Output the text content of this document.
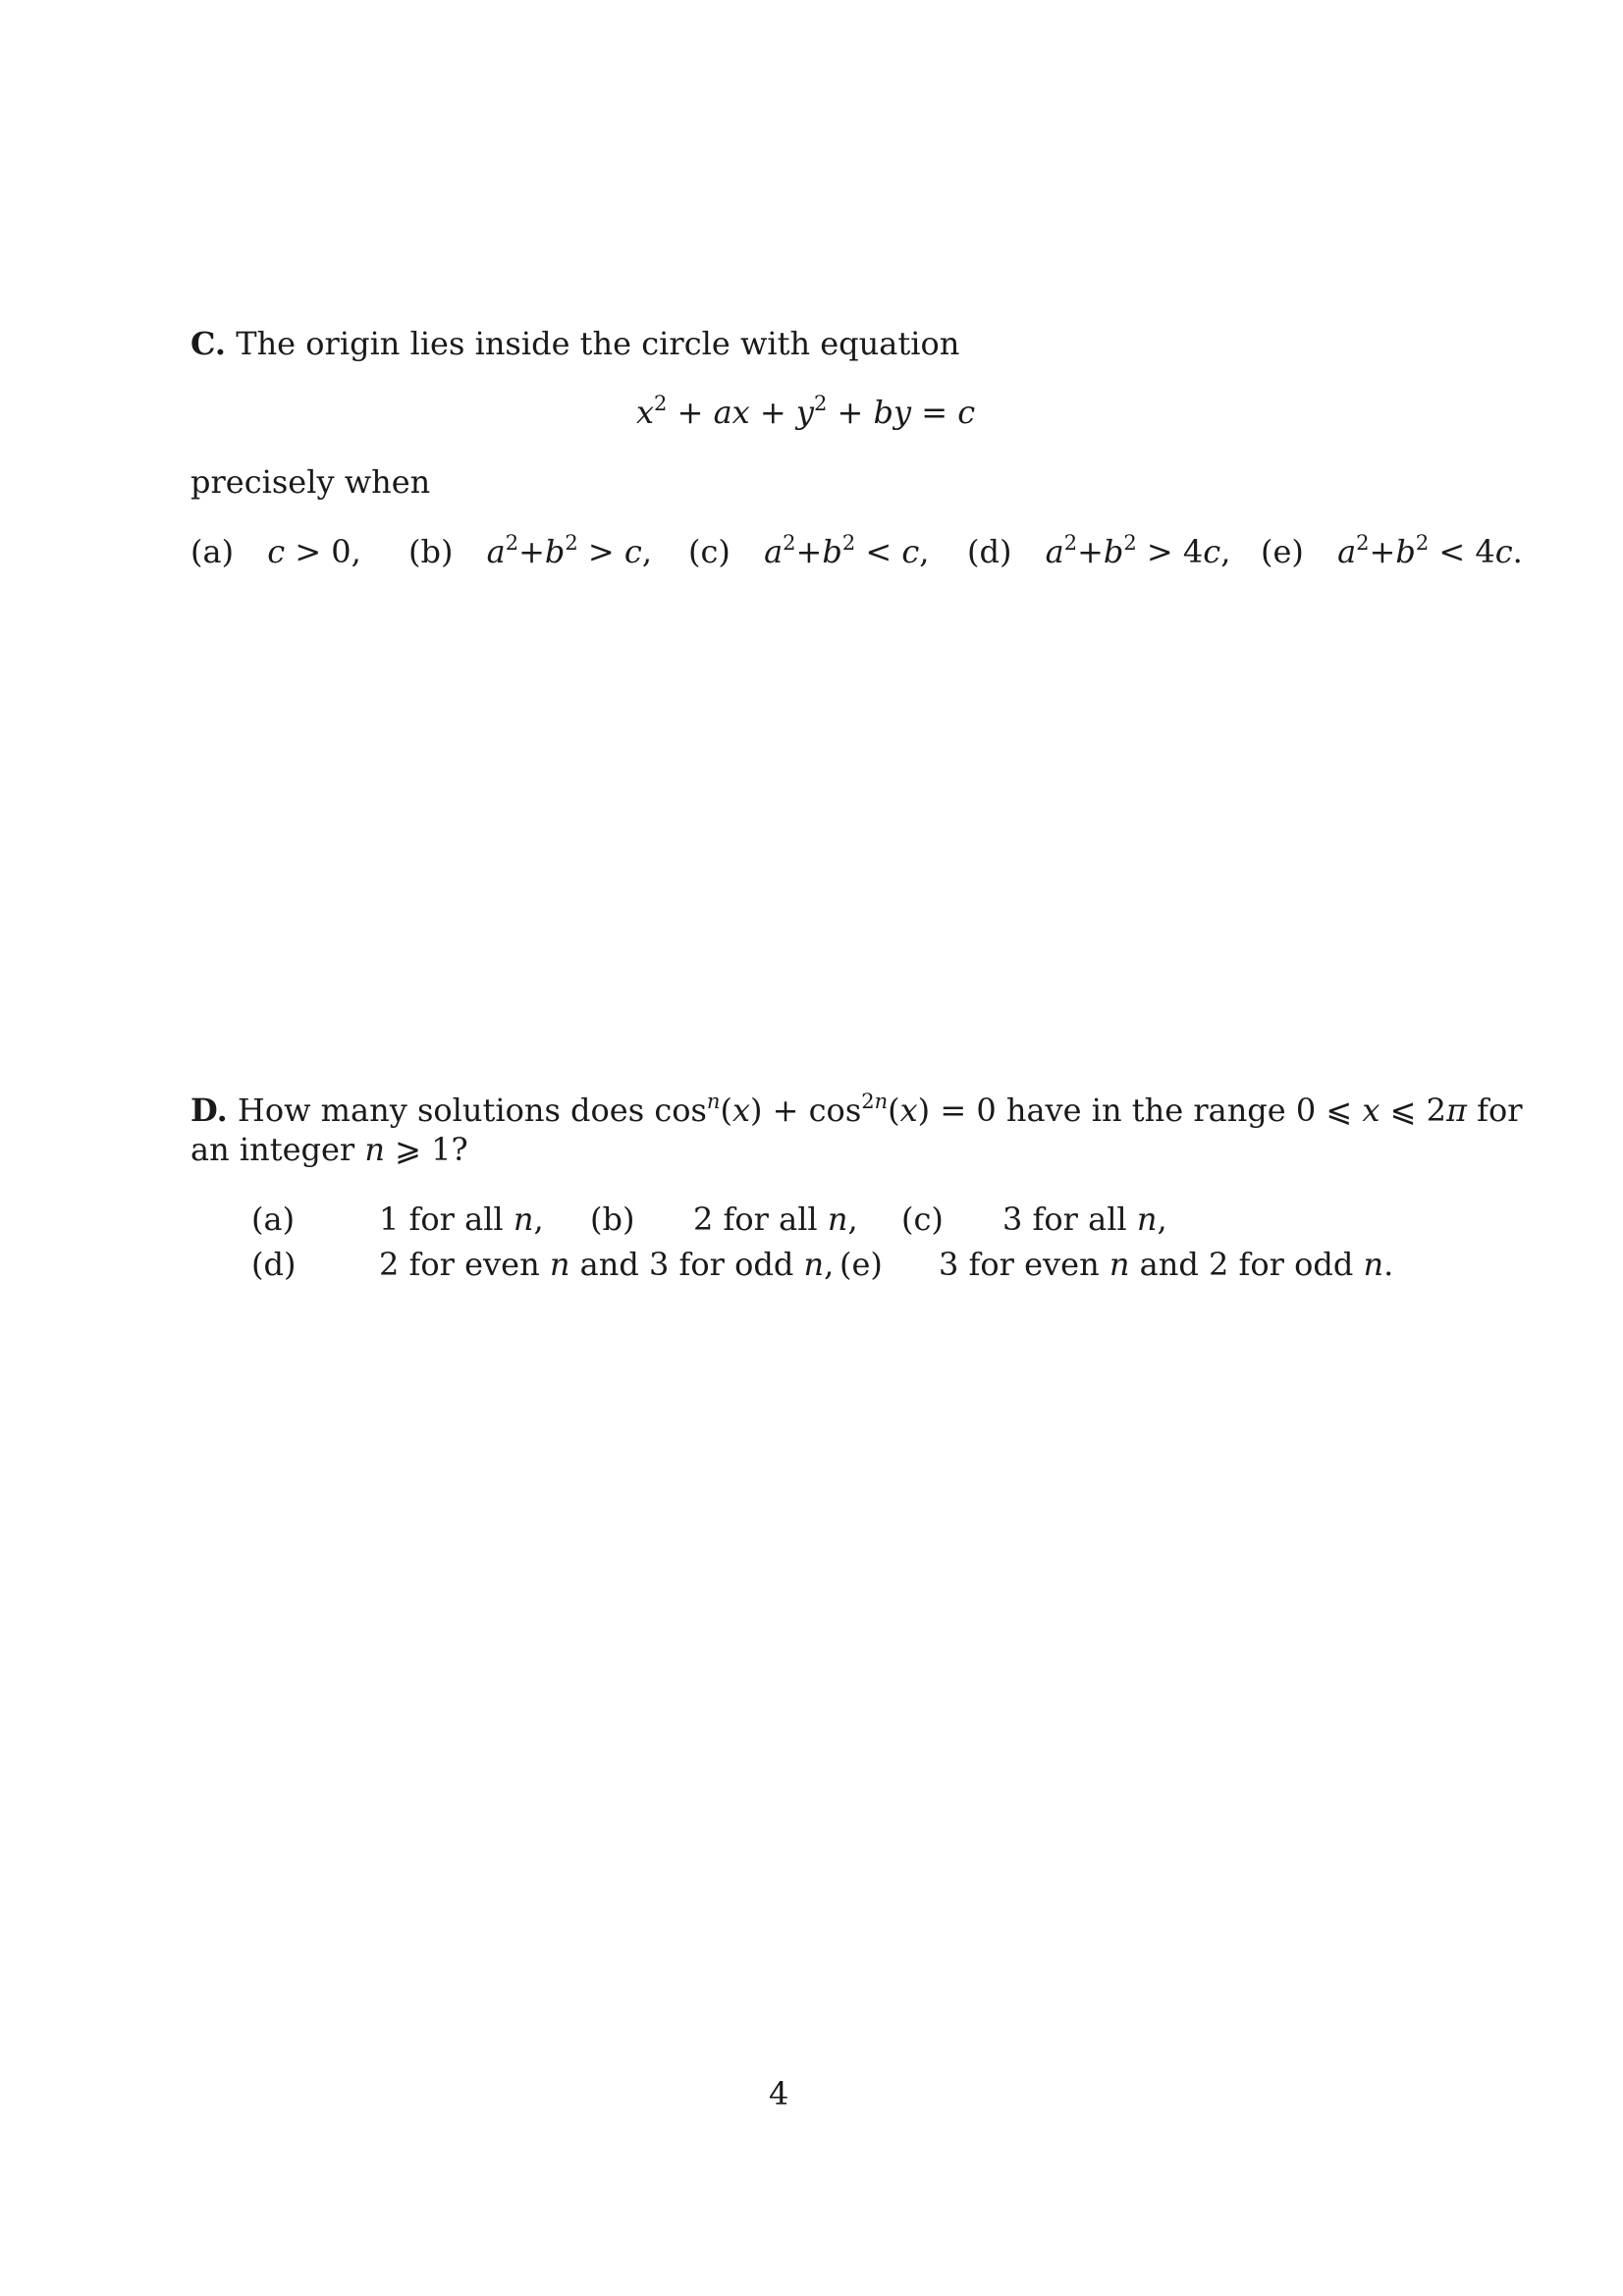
C. The origin lies inside the circle with equation
$x^2$ + ax + $y^2$ + by = c
precisely when
(a) c > 0, (b) $a^2+b^2 > c$, (c) $a^2+b^2 < c$, (d) $a^2+b^2 > 4c$, (e) $a^2+b^2 < 4c$.
D. How many solutions does $\cos^n(x) + \cos^{2n}(x) = 0$ have in the range 0 ⩽ x ⩽ 2π for
an integer n ⩾ 1?
(a)	1 for all n, (b) 2 for all n, (c) 3 for all n,
(d)	2 for even n and 3 for odd n, (e) 3 for even n and 2 for odd n.
4
